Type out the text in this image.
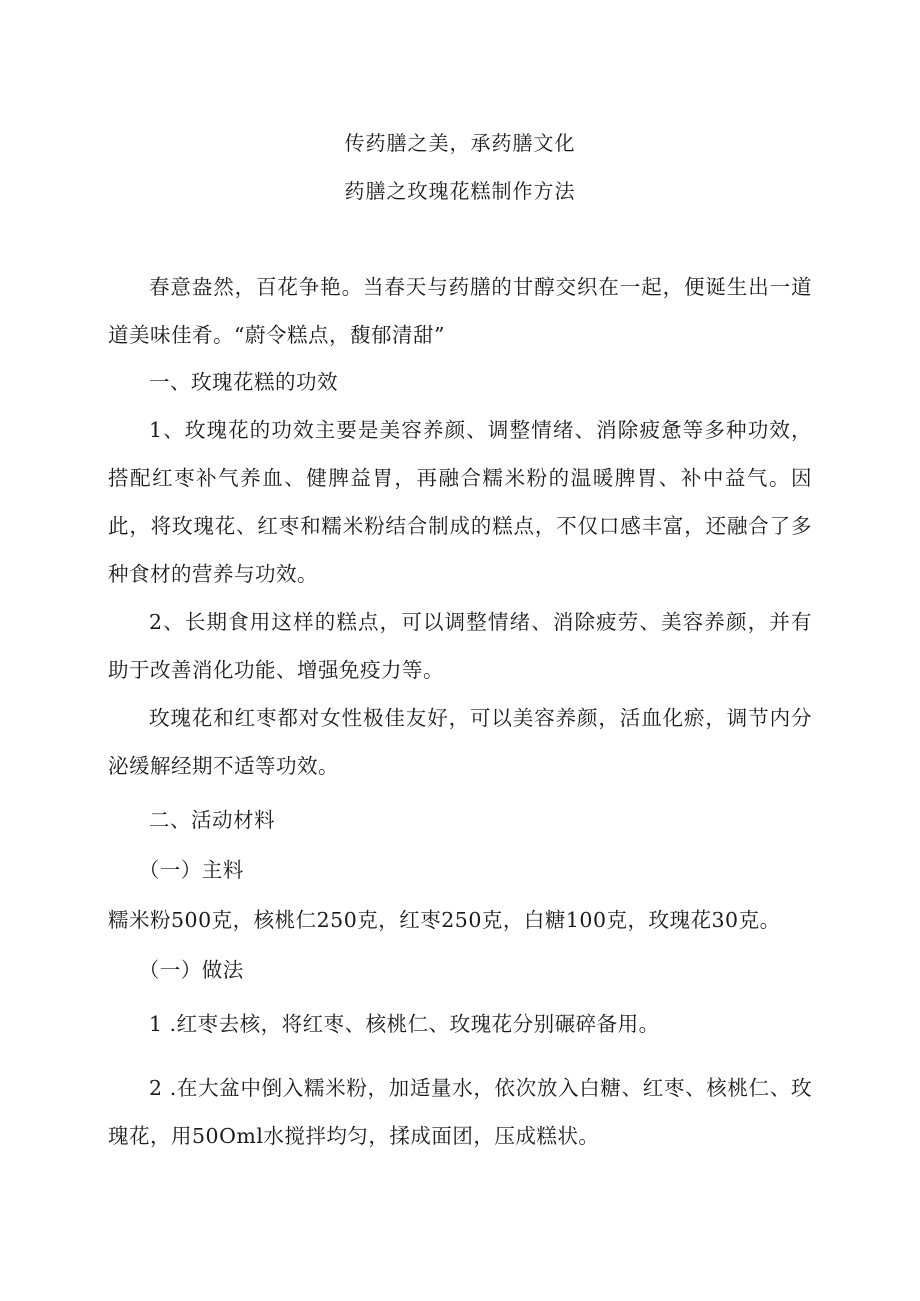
传药膳之美，承药膳文化
药膳之玫瑰花糕制作方法

春意盎然，百花争艳。当春天与药膳的甘醇交织在一起，便诞生出一道道美味佳肴。“蔚令糕点，馥郁清甜”

一、玫瑰花糕的功效

1、玫瑰花的功效主要是美容养颜、调整情绪、消除疲惫等多种功效，搭配红枣补气养血、健脾益胃，再融合糯米粉的温暖脾胃、补中益气。因此，将玫瑰花、红枣和糯米粉结合制成的糕点，不仅口感丰富，还融合了多种食材的营养与功效。

2、长期食用这样的糕点，可以调整情绪、消除疲劳、美容养颜，并有助于改善消化功能、增强免疫力等。

玫瑰花和红枣都对女性极佳友好，可以美容养颜，活血化瘀，调节内分泌缓解经期不适等功效。

二、活动材料

（一）主料

糯米粉500克，核桃仁250克，红枣250克，白糖100克，玫瑰花30克。

（一）做法

1 .红枣去核，将红枣、核桃仁、玫瑰花分别碾碎备用。

2 .在大盆中倒入糯米粉，加适量水，依次放入白糖、红枣、核桃仁、玫瑰花，用50Oml水搅拌均匀，揉成面团，压成糕状。
